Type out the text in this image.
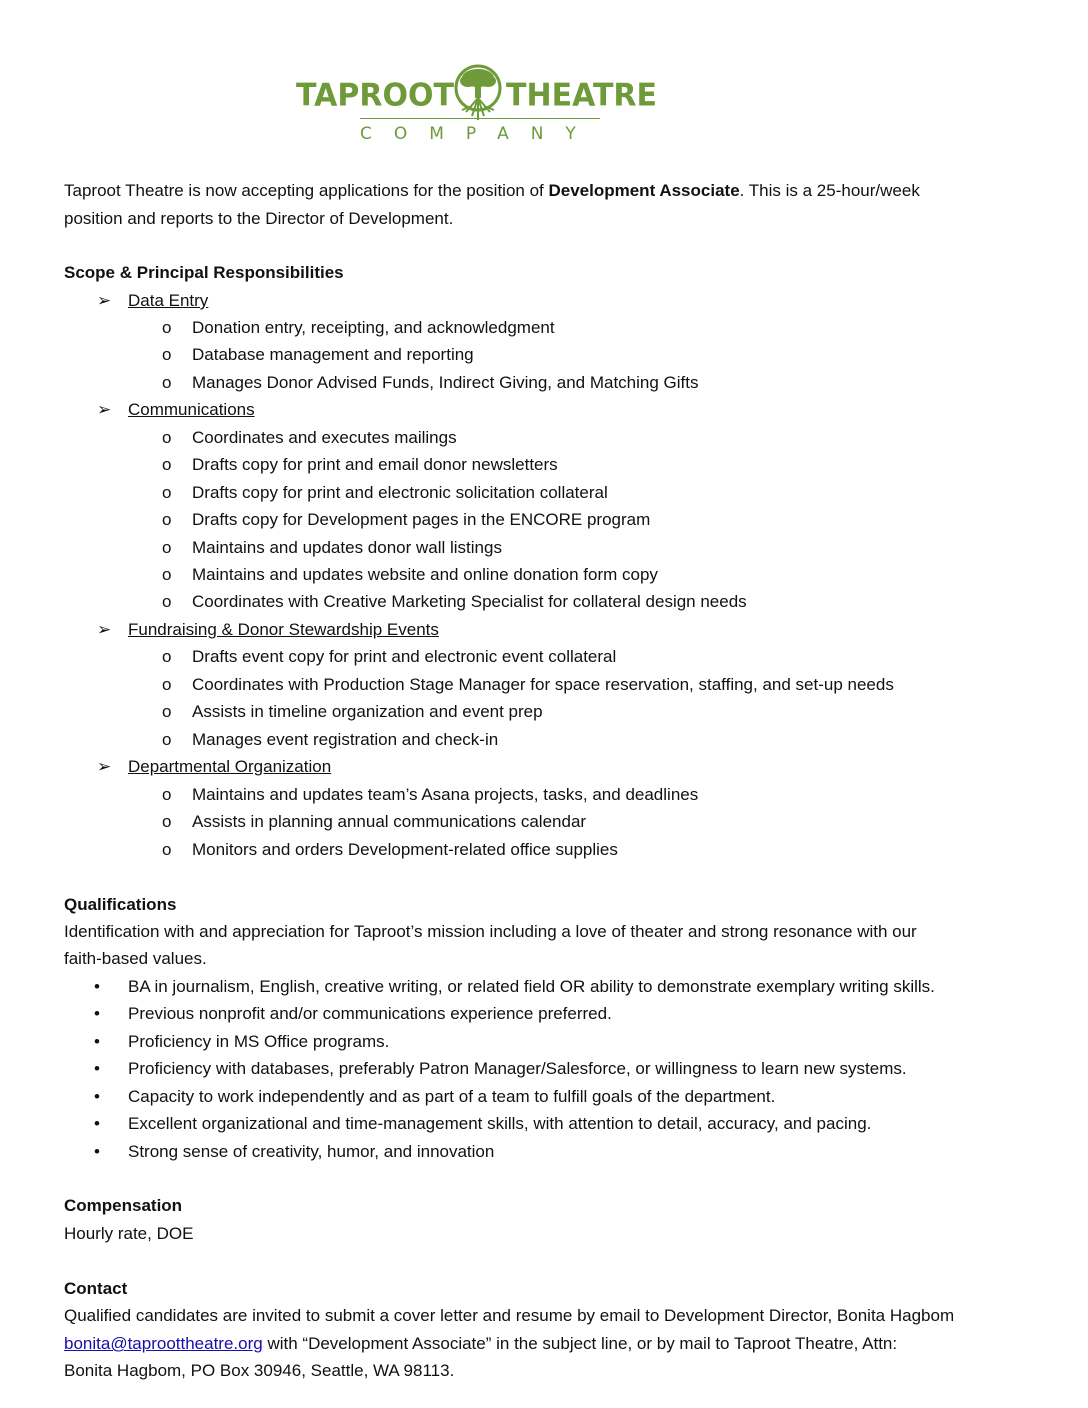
TAPROOT THEATRE
COMPANY
Taproot Theatre is now accepting applications for the position of Development Associate. This is a 25-hour/week
position and reports to the Director of Development.
Scope & Principal Responsibilities
➢ Data Entry
o Donation entry, receipting, and acknowledgment
o Database management and reporting
o Manages Donor Advised Funds, Indirect Giving, and Matching Gifts
➢ Communications
o Coordinates and executes mailings
o Drafts copy for print and email donor newsletters
o Drafts copy for print and electronic solicitation collateral
o Drafts copy for Development pages in the ENCORE program
o Maintains and updates donor wall listings
o Maintains and updates website and online donation form copy
o Coordinates with Creative Marketing Specialist for collateral design needs
➢ Fundraising & Donor Stewardship Events
o Drafts event copy for print and electronic event collateral
o Coordinates with Production Stage Manager for space reservation, staffing, and set-up needs
o Assists in timeline organization and event prep
o Manages event registration and check-in
➢ Departmental Organization
o Maintains and updates team’s Asana projects, tasks, and deadlines
o Assists in planning annual communications calendar
o Monitors and orders Development-related office supplies
Qualifications
Identification with and appreciation for Taproot’s mission including a love of theater and strong resonance with our
faith-based values.
• BA in journalism, English, creative writing, or related field OR ability to demonstrate exemplary writing skills.
• Previous nonprofit and/or communications experience preferred.
• Proficiency in MS Office programs.
• Proficiency with databases, preferably Patron Manager/Salesforce, or willingness to learn new systems.
• Capacity to work independently and as part of a team to fulfill goals of the department.
• Excellent organizational and time-management skills, with attention to detail, accuracy, and pacing.
• Strong sense of creativity, humor, and innovation
Compensation
Hourly rate, DOE
Contact
Qualified candidates are invited to submit a cover letter and resume by email to Development Director, Bonita Hagbom
bonita@taproottheatre.org with “Development Associate” in the subject line, or by mail to Taproot Theatre, Attn:
Bonita Hagbom, PO Box 30946, Seattle, WA 98113.
